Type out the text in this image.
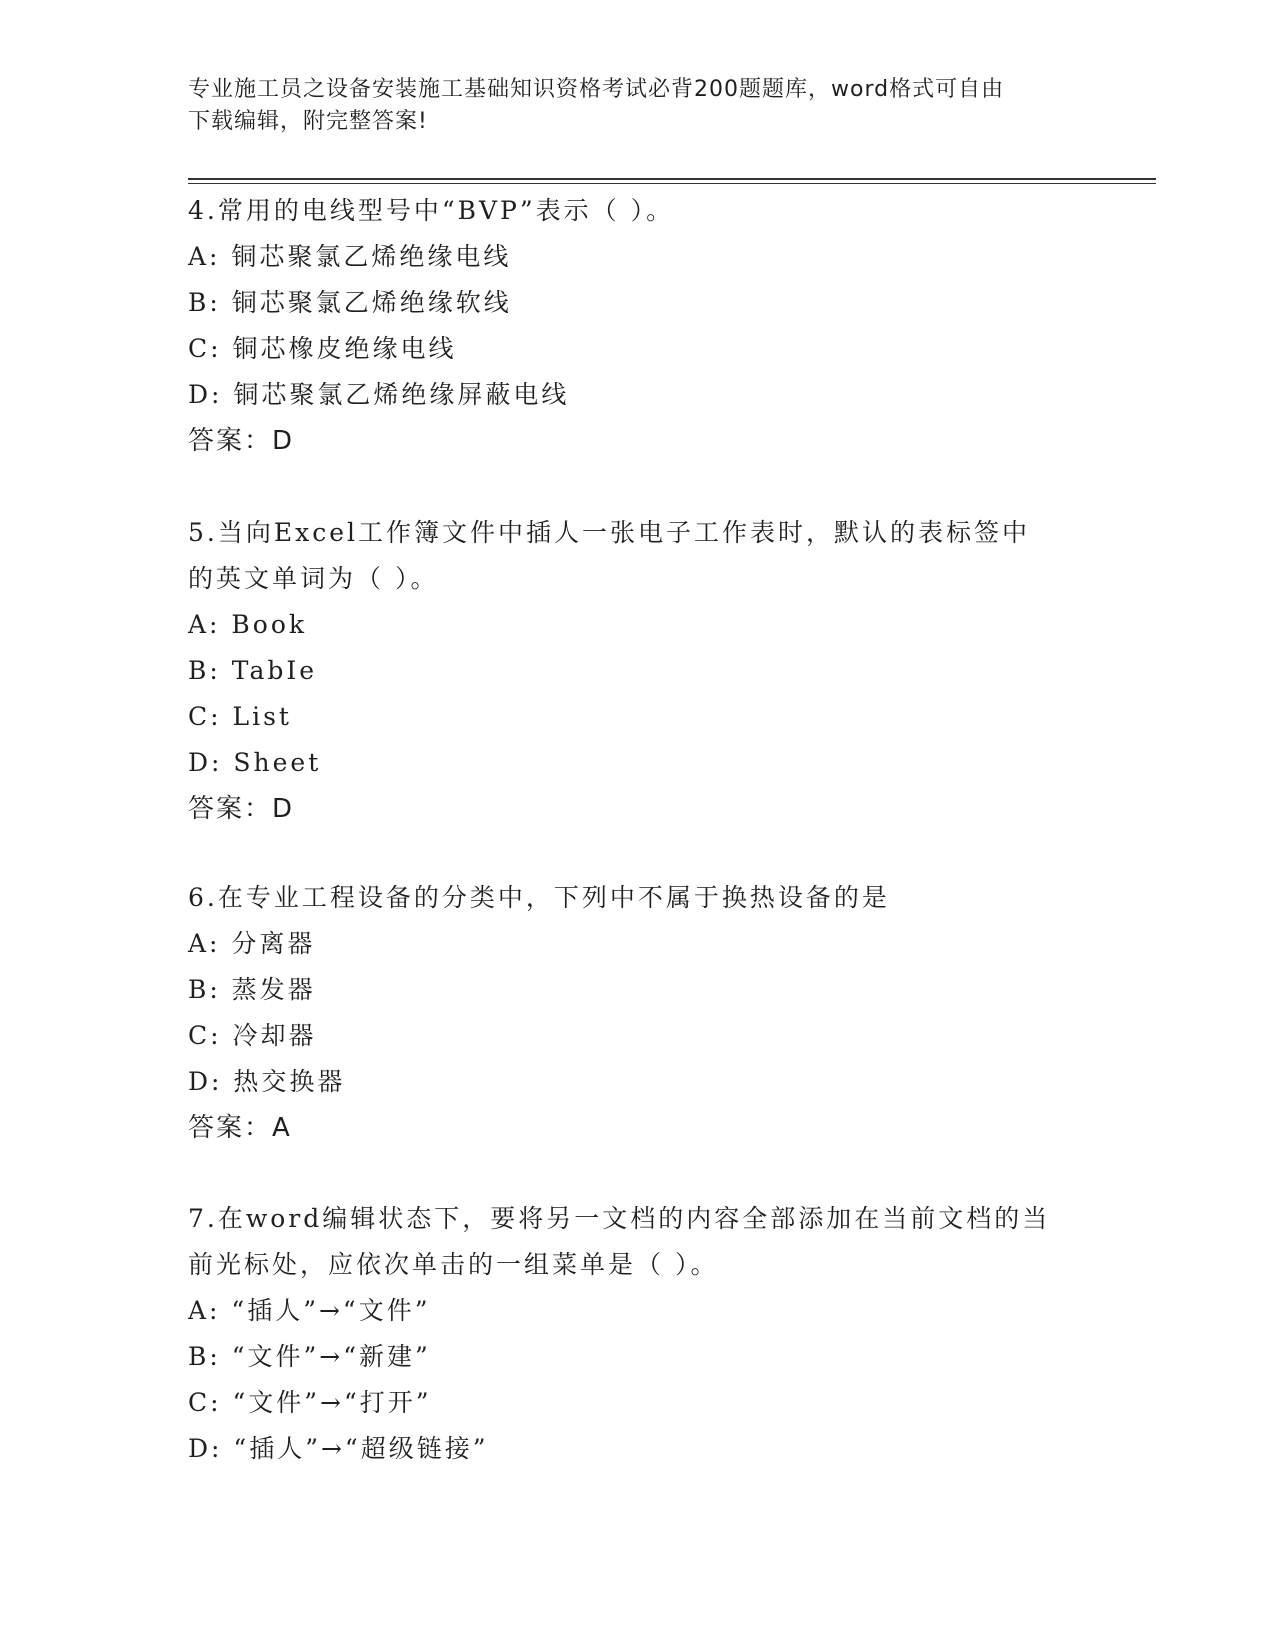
专业施工员之设备安装施工基础知识资格考试必背200题题库，word格式可自由
下载编辑，附完整答案!
4.常用的电线型号中“BVP”表示（ ）。
A: 铜芯聚氯乙烯绝缘电线
B: 铜芯聚氯乙烯绝缘软线
C: 铜芯橡皮绝缘电线
D: 铜芯聚氯乙烯绝缘屏蔽电线
答案：D
5.当向Excel工作簿文件中插人一张电子工作表时，默认的表标签中
的英文单词为（ ）。
A: Book
B: TabIe
C: List
D: Sheet
答案：D
6.在专业工程设备的分类中，下列中不属于换热设备的是
A: 分离器
B: 蒸发器
C: 冷却器
D: 热交换器
答案：A
7.在word编辑状态下，要将另一文档的内容全部添加在当前文档的当
前光标处，应依次单击的一组菜单是（ ）。
A: “插人”→“文件”
B: “文件”→“新建”
C: “文件”→“打开”
D: “插人”→“超级链接”
